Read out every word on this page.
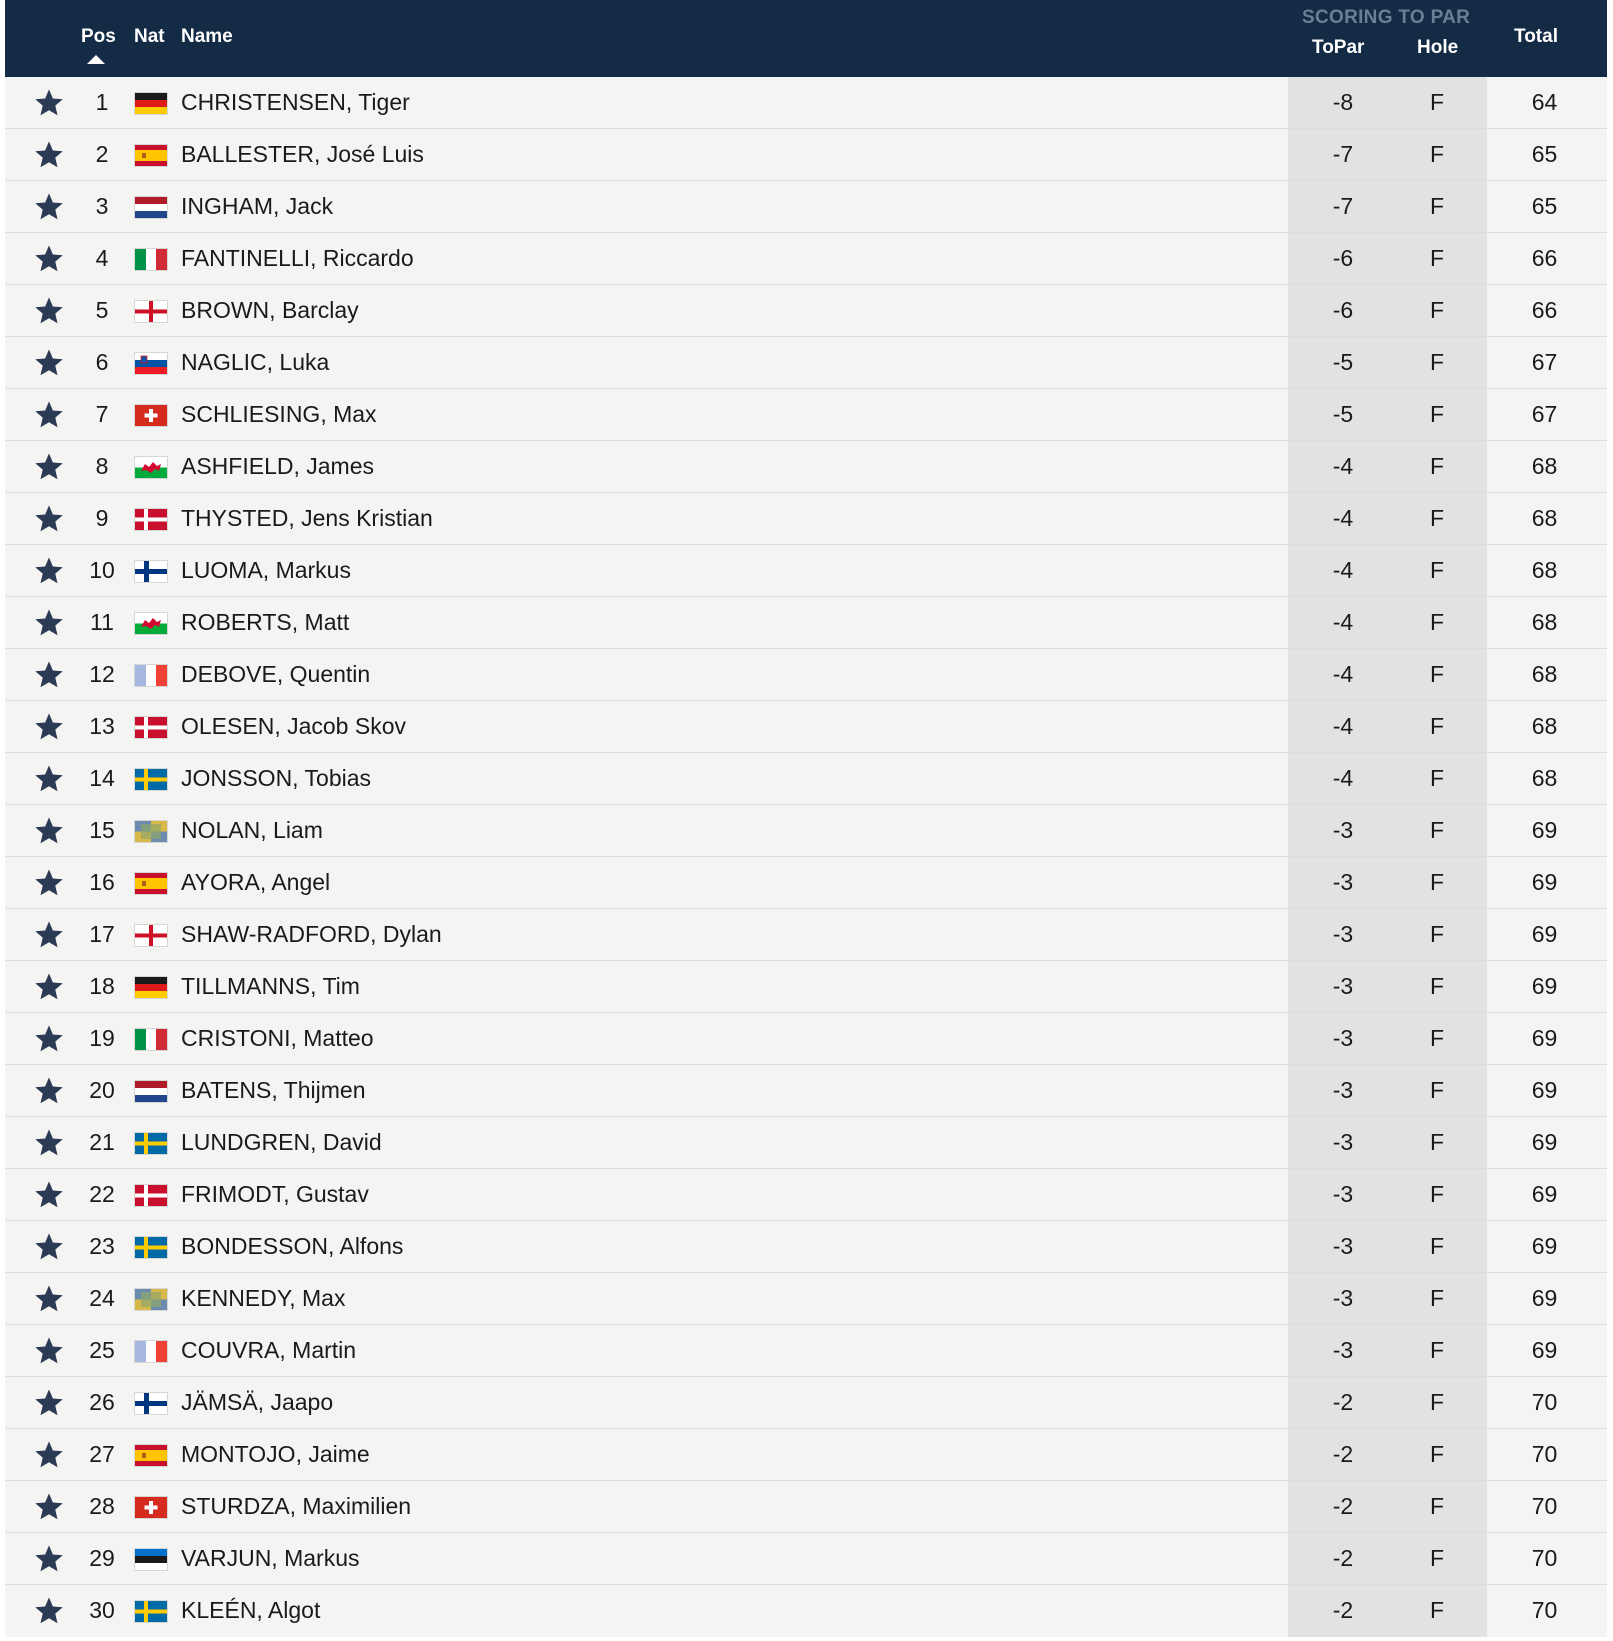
Pos Nat Name
SCORING TO PAR
ToPar	Hole
Total
1	CHRISTENSEN, Tiger	-8	F	64
2	BALLESTER, José Luis	-7	F	65
3	INGHAM, Jack	-7	F	65
4	FANTINELLI, Riccardo	-6	F	66
5	BROWN, Barclay	-6	F	66
6	NAGLIC, Luka	-5	F	67
7	SCHLIESING, Max	-5	F	67
8	ASHFIELD, James	-4	F	68
9	THYSTED, Jens Kristian	-4	F	68
10	LUOMA, Markus	-4	F	68
11	ROBERTS, Matt	-4	F	68
12	DEBOVE, Quentin	-4	F	68
13	OLESEN, Jacob Skov	-4	F	68
14	JONSSON, Tobias	-4	F	68
15	NOLAN, Liam	-3	F	69
16	AYORA, Angel	-3	F	69
17	SHAW-RADFORD, Dylan	-3	F	69
18	TILLMANNS, Tim	-3	F	69
19	CRISTONI, Matteo	-3	F	69
20	BATENS, Thijmen	-3	F	69
21	LUNDGREN, David	-3	F	69
22	FRIMODT, Gustav	-3	F	69
23	BONDESSON, Alfons	-3	F	69
24	KENNEDY, Max	-3	F	69
25	COUVRA, Martin	-3	F	69
26	JÄMSÄ, Jaapo	-2	F	70
27	MONTOJO, Jaime	-2	F	70
28	STURDZA, Maximilien	-2	F	70
29	VARJUN, Markus	-2	F	70
30	KLEÉN, Algot	-2	F	70
